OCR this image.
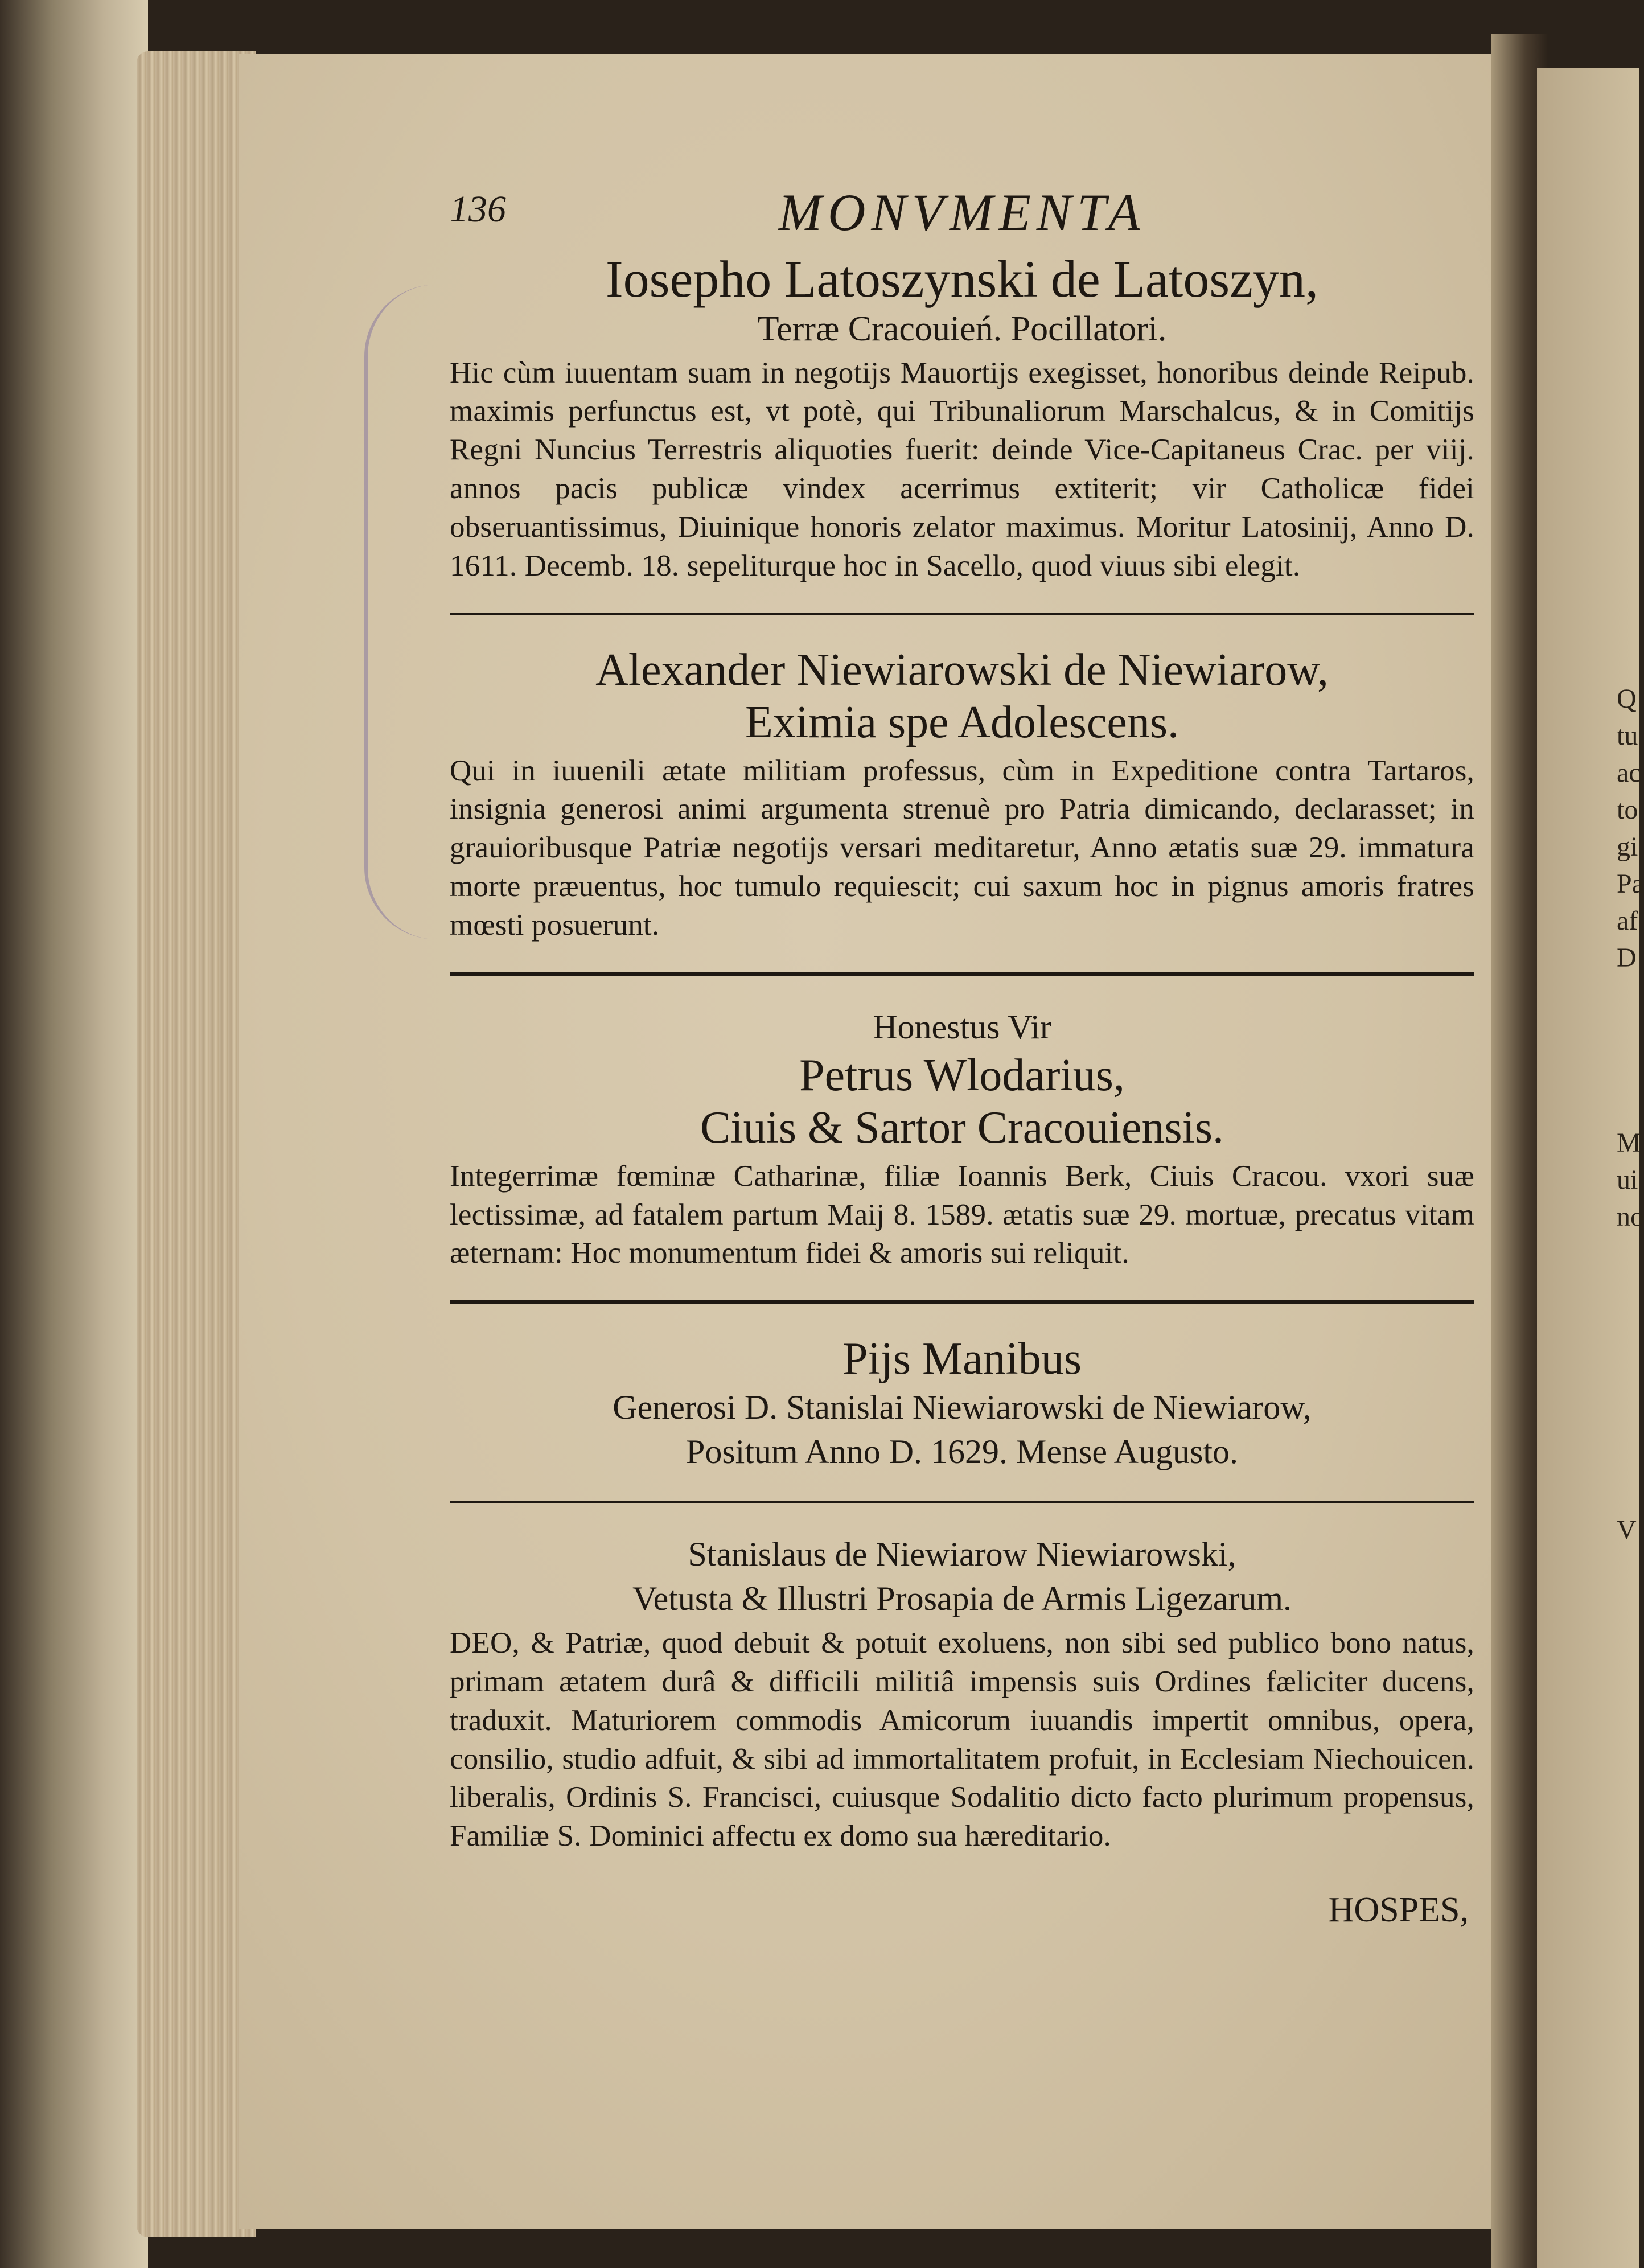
Q
tu
ac
to
gi
Pa
af
D
M
ui
no
V
136	MONVMENTA

Iosepho Latoszynski de Latoszyn,

Terræ Cracouień. Pocillatori.

Hic cùm iuuentam suam in negotijs Mauortijs exegisset, honoribus deinde Reipub. maximis perfunctus est, vt potè, qui Tribunaliorum Marschalcus, & in Comitijs Regni Nuncius Terrestris aliquoties fuerit: deinde Vice-Capitaneus Crac. per viij. annos pacis publicæ vindex acerrimus extiterit; vir Catholicæ fidei obseruantissimus, Diuinique honoris zelator maximus. Moritur Latosinij, Anno D. 1611. Decemb. 18. sepeliturque hoc in Sacello, quod viuus sibi elegit.

Alexander Niewiarowski de Niewiarow,

Eximia spe Adolescens.

Qui in iuuenili ætate militiam professus, cùm in Expeditione contra Tartaros, insignia generosi animi argumenta strenuè pro Patria dimicando, declarasset; in grauioribusque Patriæ negotijs versari meditaretur, Anno ætatis suæ 29. immatura morte præuentus, hoc tumulo requiescit; cui saxum hoc in pignus amoris fratres mœsti posuerunt.

Honestus Vir

Petrus Wlodarius,

Ciuis & Sartor Cracouiensis.

Integerrimæ fœminæ Catharinæ, filiæ Ioannis Berk, Ciuis Cracou. vxori suæ lectissimæ, ad fatalem partum Maij 8. 1589. ætatis suæ 29. mortuæ, precatus vitam æternam: Hoc monumentum fidei & amoris sui reliquit.

Pijs Manibus

Generosi D. Stanislai Niewiarowski de Niewiarow,

Positum Anno D. 1629. Mense Augusto.

Stanislaus de Niewiarow Niewiarowski,

Vetusta & Illustri Prosapia de Armis Ligezarum.

DEO, & Patriæ, quod debuit & potuit exoluens, non sibi sed publico bono natus, primam ætatem durâ & difficili militiâ impensis suis Ordines fæliciter ducens, traduxit. Maturiorem commodis Amicorum iuuandis impertit omnibus, opera, consilio, studio adfuit, & sibi ad immortalitatem profuit, in Ecclesiam Niechouicen. liberalis, Ordinis S. Francisci, cuiusque Sodalitio dicto facto plurimum propensus, Familiæ S. Dominici affectu ex domo sua hæreditario.

HOSPES,
